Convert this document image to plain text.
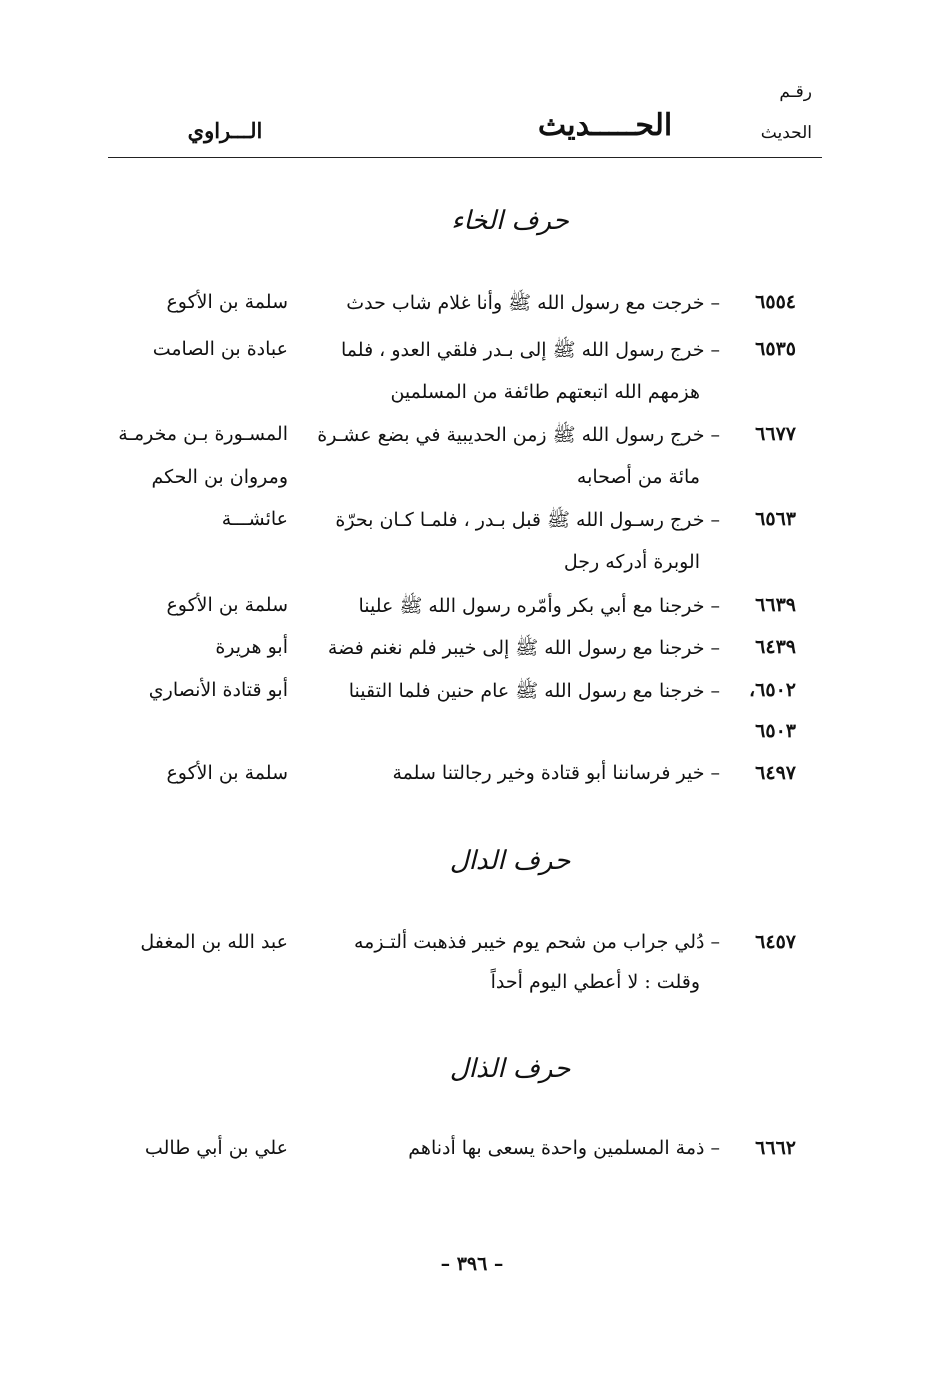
رقـم
الحديث
الحـــــديث
الـــراوي
حرف الخاء
٦٥٥٤
– خرجت مع رسول الله ﷺ وأنا غلام شاب حدث
سلمة بن الأكوع
٦٥٣٥
– خرج رسول الله ﷺ إلى بـدر فلقي العدو ، فلما
هزمهم الله اتبعتهم طائفة من المسلمين
عبادة بن الصامت
٦٦٧٧
– خرج رسول الله ﷺ زمن الحديبية في بضع عشـرة
مائة من أصحابه
المسـورة بـن مخرمـة
ومروان بن الحكم
٦٥٦٣
– خرج رسـول الله ﷺ قبل بـدر ، فلمـا كـان بحرّة
الوبرة أدركه رجل
عائشـــة
٦٦٣٩
– خرجنا مع أبي بكر وأمّره رسول الله ﷺ علينا
سلمة بن الأكوع
٦٤٣٩
– خرجنا مع رسول الله ﷺ إلى خيبر فلم نغنم فضة
أبو هريرة
٦٥٠٢،
٦٥٠٣
– خرجنا مع رسول الله ﷺ عام حنين فلما التقينا
أبو قتادة الأنصاري
٦٤٩٧
– خير فرساننا أبو قتادة وخير رجالتنا سلمة
سلمة بن الأكوع
حرف الدال
٦٤٥٧
– دُلي جراب من شحم يوم خيبر فذهبت ألتـزمه
وقلت : لا أعطي اليوم أحداً
عبد الله بن المغفل
حرف الذال
٦٦٦٢
– ذمة المسلمين واحدة يسعى بها أدناهم
علي بن أبي طالب
– ٣٩٦ –
